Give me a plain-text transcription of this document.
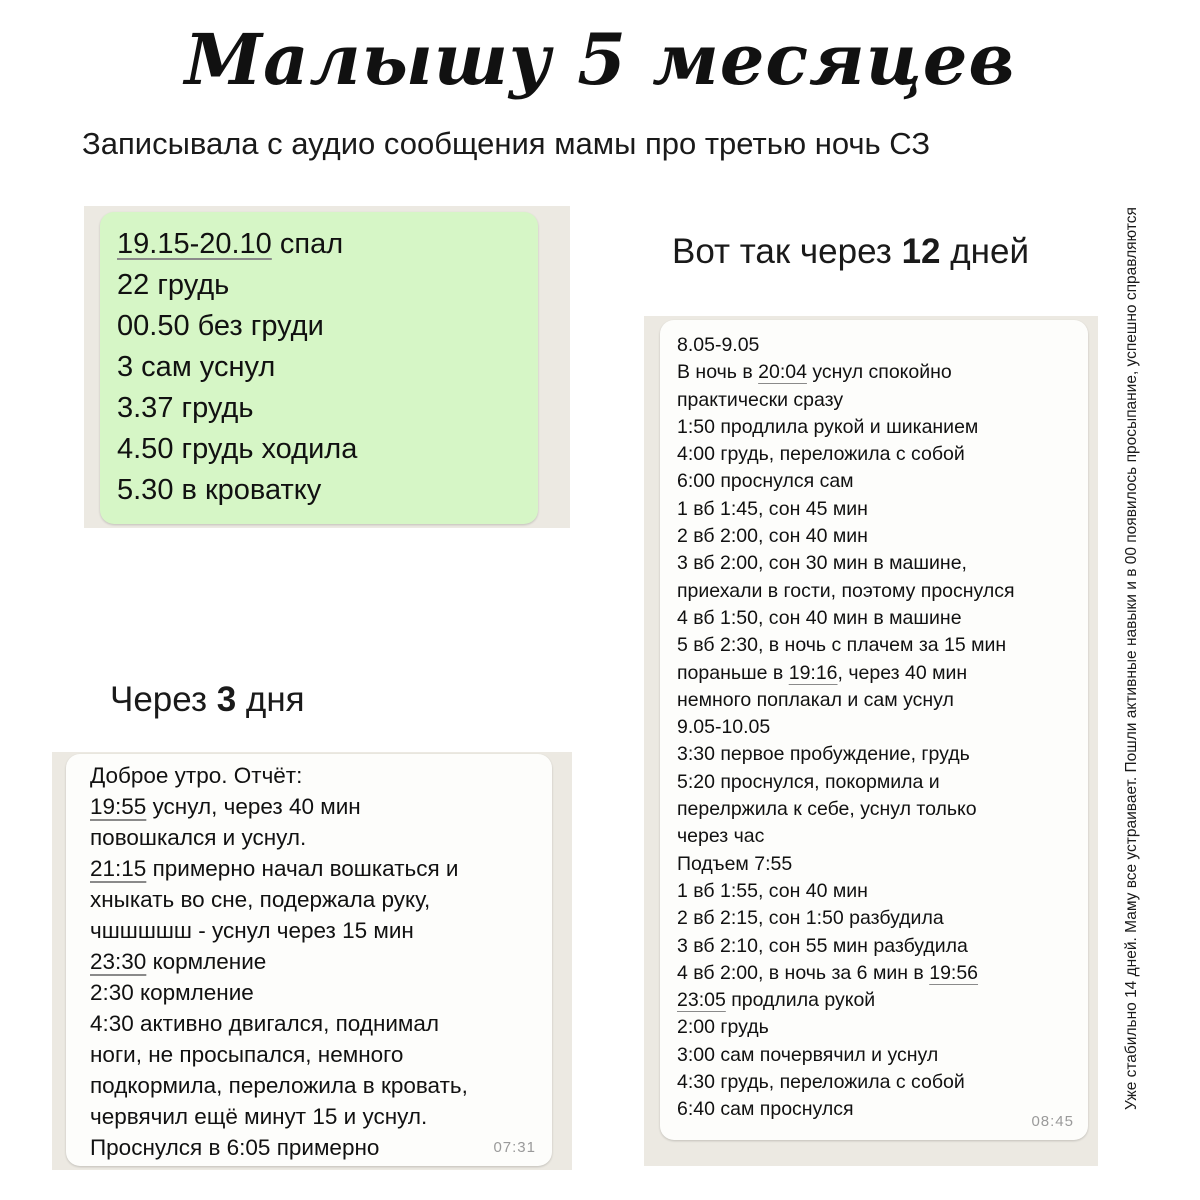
Малышу 5 месяцев
Записывала с аудио сообщения мамы про третью ночь СЗ
Вот так через 12 дней
Через 3 дня
19.15-20.10 спал
22 грудь
00.50 без груди
3 сам уснул
3.37 грудь
4.50 грудь ходила
5.30 в кроватку
Доброе утро. Отчёт:
19:55 уснул, через 40 мин
повошкался и уснул.
21:15 примерно начал вошкаться и
хныкать во сне, подержала руку,
чшшшшш - уснул через 15 мин
23:30 кормление
2:30 кормление
4:30 активно двигался, поднимал
ноги, не просыпался, немного
подкормила, переложила в кровать,
червячил ещё минут 15 и уснул.
Проснулся в 6:05 примерно	07:31
8.05-9.05
В ночь в 20:04 уснул спокойно
практически сразу
1:50 продлила рукой и шиканием
4:00 грудь, переложила с собой
6:00 проснулся сам
1 вб 1:45, сон 45 мин
2 вб 2:00, сон 40 мин
3 вб 2:00, сон 30 мин в машине,
приехали в гости, поэтому проснулся
4 вб 1:50, сон 40 мин в машине
5 вб 2:30, в ночь с плачем за 15 мин
пораньше в 19:16, через 40 мин
немного поплакал и сам уснул
9.05-10.05
3:30 первое пробуждение, грудь
5:20 проснулся, покормила и
перелржила к себе, уснул только
через час
Подъем 7:55
1 вб 1:55, сон 40 мин
2 вб 2:15, сон 1:50 разбудила
3 вб 2:10, сон 55 мин разбудила
4 вб 2:00, в ночь за 6 мин в 19:56
23:05 продлила рукой
2:00 грудь
3:00 сам почервячил и уснул
4:30 грудь, переложила с собой
6:40 сам проснулся
08:45
Уже стабильно 14 дней. Маму все устраивает. Пошли активные навыки и в 00 появилось просыпание, успешно справляются
